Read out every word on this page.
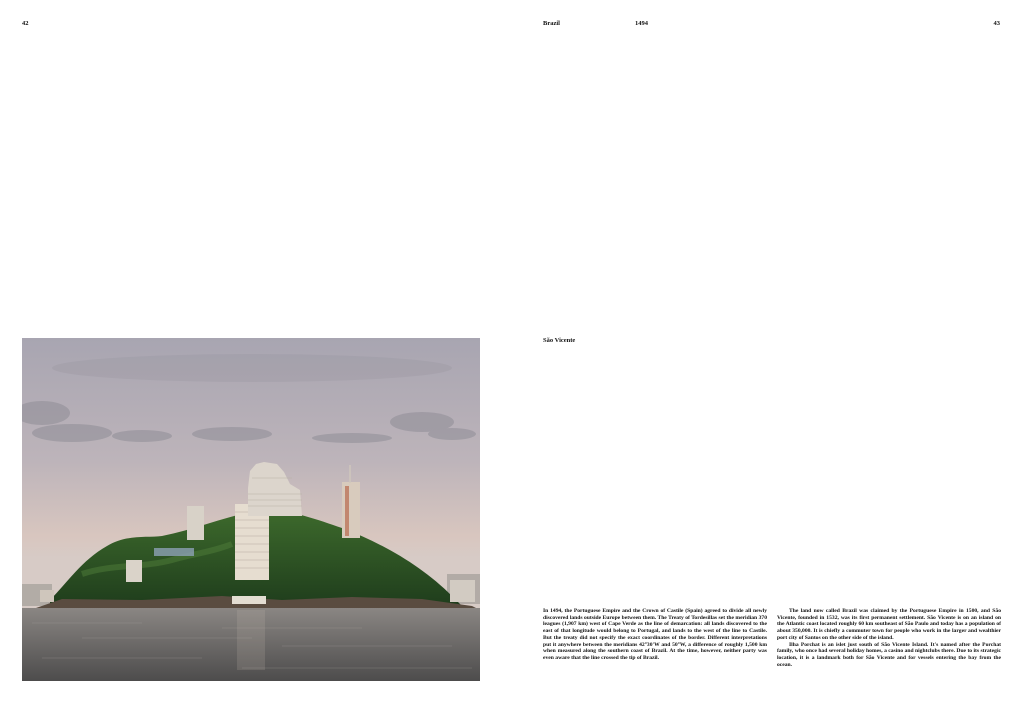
42	Brazil	1494	43
São Vicente

In 1494, the Portuguese Empire and the Crown of Castile (Spain) agreed to divide all newly discovered lands outside Europe between them. The Treaty of Tordesillas set the meridian 370 leagues (1,907 km) west of Cape Verde as the line of demarcation: all lands discovered to the east of that longitude would belong to Portugal, and lands to the west of the line to Castile. But the treaty did not specify the exact coordinates of the border. Different interpretations put it anywhere between the meridians 42°30'W and 50°W, a difference of roughly 1,500 km when measured along the southern coast of Brazil. At the time, however, neither party was even aware that the line crossed the tip of Brazil.

The land now called Brazil was claimed by the Portuguese Empire in 1500, and São Vicente, founded in 1532, was its first permanent settlement. São Vicente is on an island on the Atlantic coast located roughly 60 km southeast of São Paulo and today has a population of about 350,000. It is chiefly a commuter town for people who work in the larger and wealthier port city of Santos on the other side of the island.

Ilha Porchat is an islet just south of São Vicente Island. It's named after the Porchat family, who once had several holiday homes, a casino and nightclubs there. Due to its strategic location, it is a landmark both for São Vicente and for vessels entering the bay from the ocean.
